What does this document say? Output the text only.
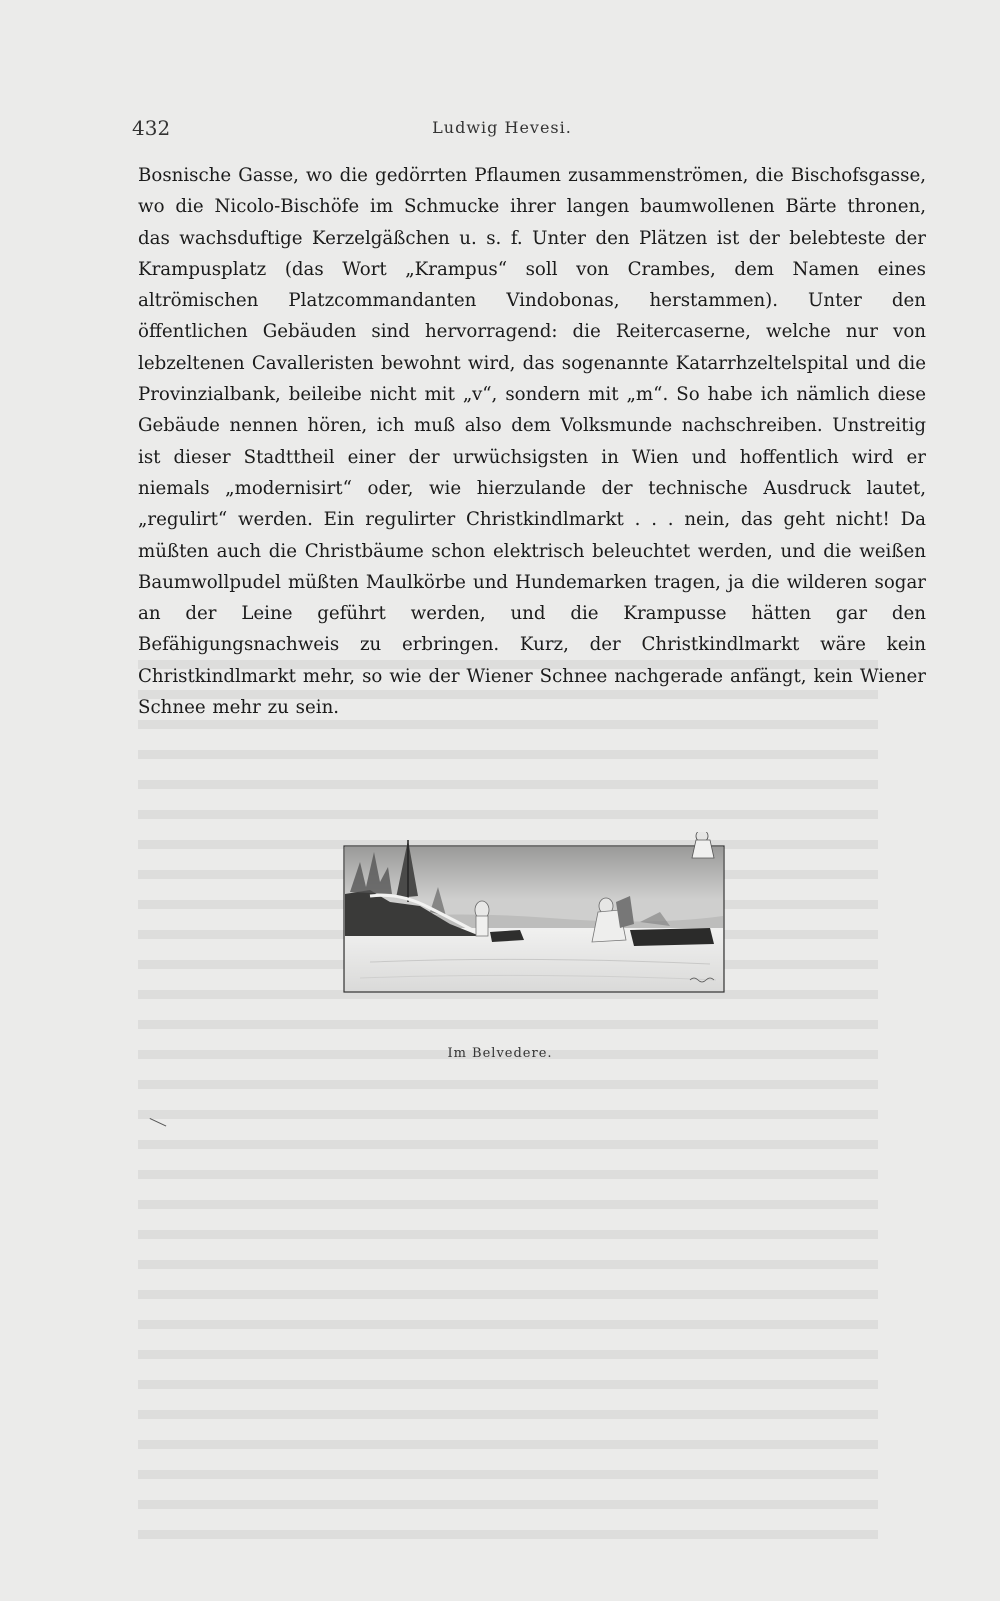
432	Ludwig Hevesi.

Bosnische Gasse, wo die gedörrten Pflaumen zusammenströmen, die Bischofsgasse, wo die Nicolo-Bischöfe im Schmucke ihrer langen baumwollenen Bärte thronen, das wachsduftige Kerzelgäßchen u. s. f. Unter den Plätzen ist der belebteste der Krampusplatz (das Wort „Krampus“ soll von Crambes, dem Namen eines altrömischen Platzcommandanten Vindobonas, herstammen). Unter den öffentlichen Gebäuden sind hervorragend: die Reitercaserne, welche nur von lebzeltenen Cavalleristen bewohnt wird, das sogenannte Katarrhzeltelspital und die Provinzialbank, beileibe nicht mit „v“, sondern mit „m“. So habe ich nämlich diese Gebäude nennen hören, ich muß also dem Volksmunde nachschreiben. Unstreitig ist dieser Stadttheil einer der urwüchsigsten in Wien und hoffentlich wird er niemals „modernisirt“ oder, wie hierzulande der technische Ausdruck lautet, „regulirt“ werden. Ein regulirter Christkindlmarkt . . . nein, das geht nicht! Da müßten auch die Christbäume schon elektrisch beleuchtet werden, und die weißen Baumwollpudel müßten Maulkörbe und Hundemarken tragen, ja die wilderen sogar an der Leine geführt werden, und die Krampusse hätten gar den Befähigungsnachweis zu erbringen. Kurz, der Christkindlmarkt wäre kein Christkindlmarkt mehr, so wie der Wiener Schnee nachgerade anfängt, kein Wiener Schnee mehr zu sein.

Im Belvedere.
